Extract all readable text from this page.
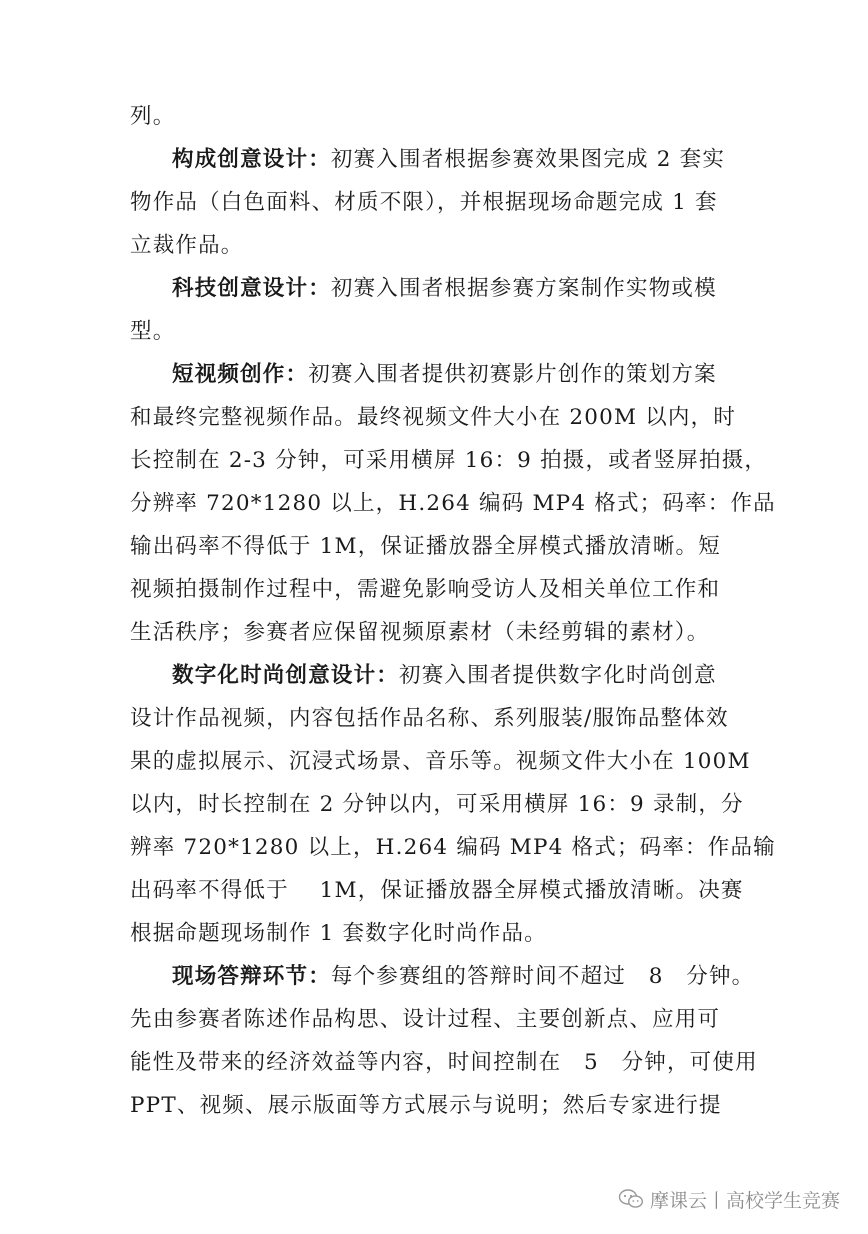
列。
构成创意设计：初赛入围者根据参赛效果图完成 2 套实
物作品（白色面料、材质不限），并根据现场命题完成 1 套
立裁作品。
科技创意设计：初赛入围者根据参赛方案制作实物或模
型。
短视频创作：初赛入围者提供初赛影片创作的策划方案
和最终完整视频作品。最终视频文件大小在 200M 以内，时
长控制在 2-3 分钟，可采用横屏 16：9 拍摄，或者竖屏拍摄，
分辨率 720*1280 以上，H.264 编码 MP4 格式；码率：作品
输出码率不得低于 1M，保证播放器全屏模式播放清晰。短
视频拍摄制作过程中，需避免影响受访人及相关单位工作和
生活秩序；参赛者应保留视频原素材（未经剪辑的素材）。
数字化时尚创意设计：初赛入围者提供数字化时尚创意
设计作品视频，内容包括作品名称、系列服装/服饰品整体效
果的虚拟展示、沉浸式场景、音乐等。视频文件大小在 100M
以内，时长控制在 2 分钟以内，可采用横屏 16：9 录制，分
辨率 720*1280 以上，H.264 编码 MP4 格式；码率：作品输
出码率不得低于　 1M，保证播放器全屏模式播放清晰。决赛
根据命题现场制作 1 套数字化时尚作品。
现场答辩环节：每个参赛组的答辩时间不超过　8　分钟。
先由参赛者陈述作品构思、设计过程、主要创新点、应用可
能性及带来的经济效益等内容，时间控制在　5　分钟，可使用
PPT、视频、展示版面等方式展示与说明；然后专家进行提
摩课云丨高校学生竞赛
